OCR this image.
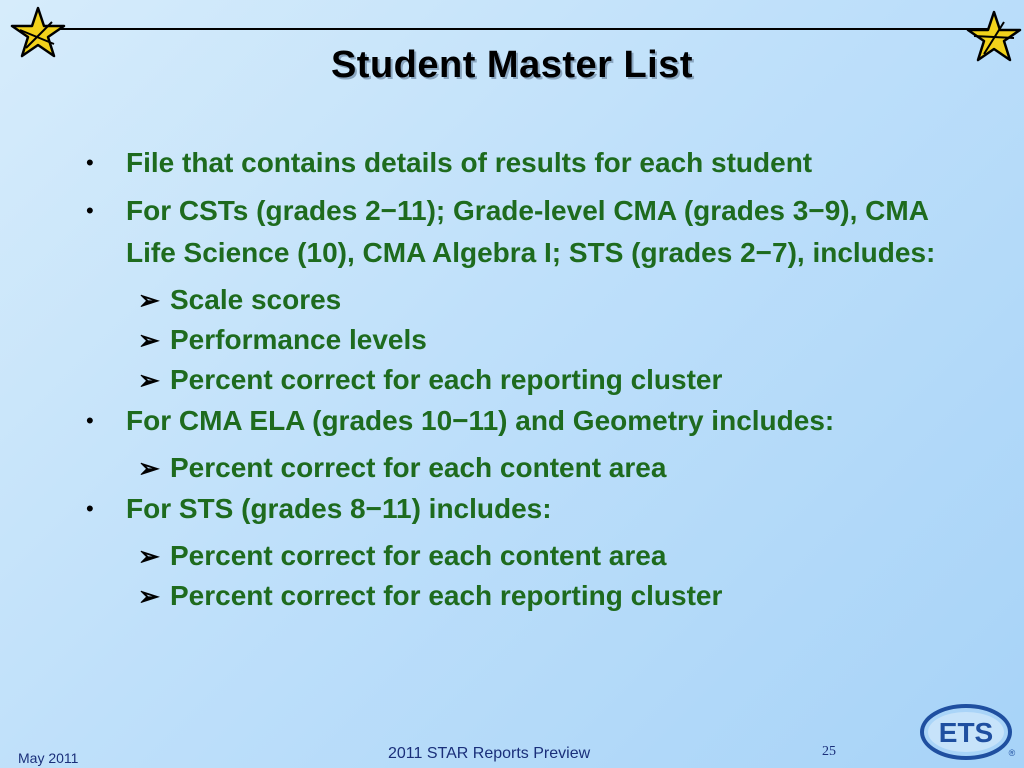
Student Master List
• File that contains details of results for each student
• For CSTs (grades 2−11); Grade-level CMA (grades 3−9), CMA Life Science (10), CMA Algebra I; STS (grades 2−7), includes:
➢ Scale scores
➢ Performance levels
➢ Percent correct for each reporting cluster
• For CMA ELA (grades 10−11) and Geometry includes:
➢ Percent correct for each content area
• For STS (grades 8−11) includes:
➢ Percent correct for each content area
➢ Percent correct for each reporting cluster
May 2011	2011 STAR Reports Preview	25
ETS
®
